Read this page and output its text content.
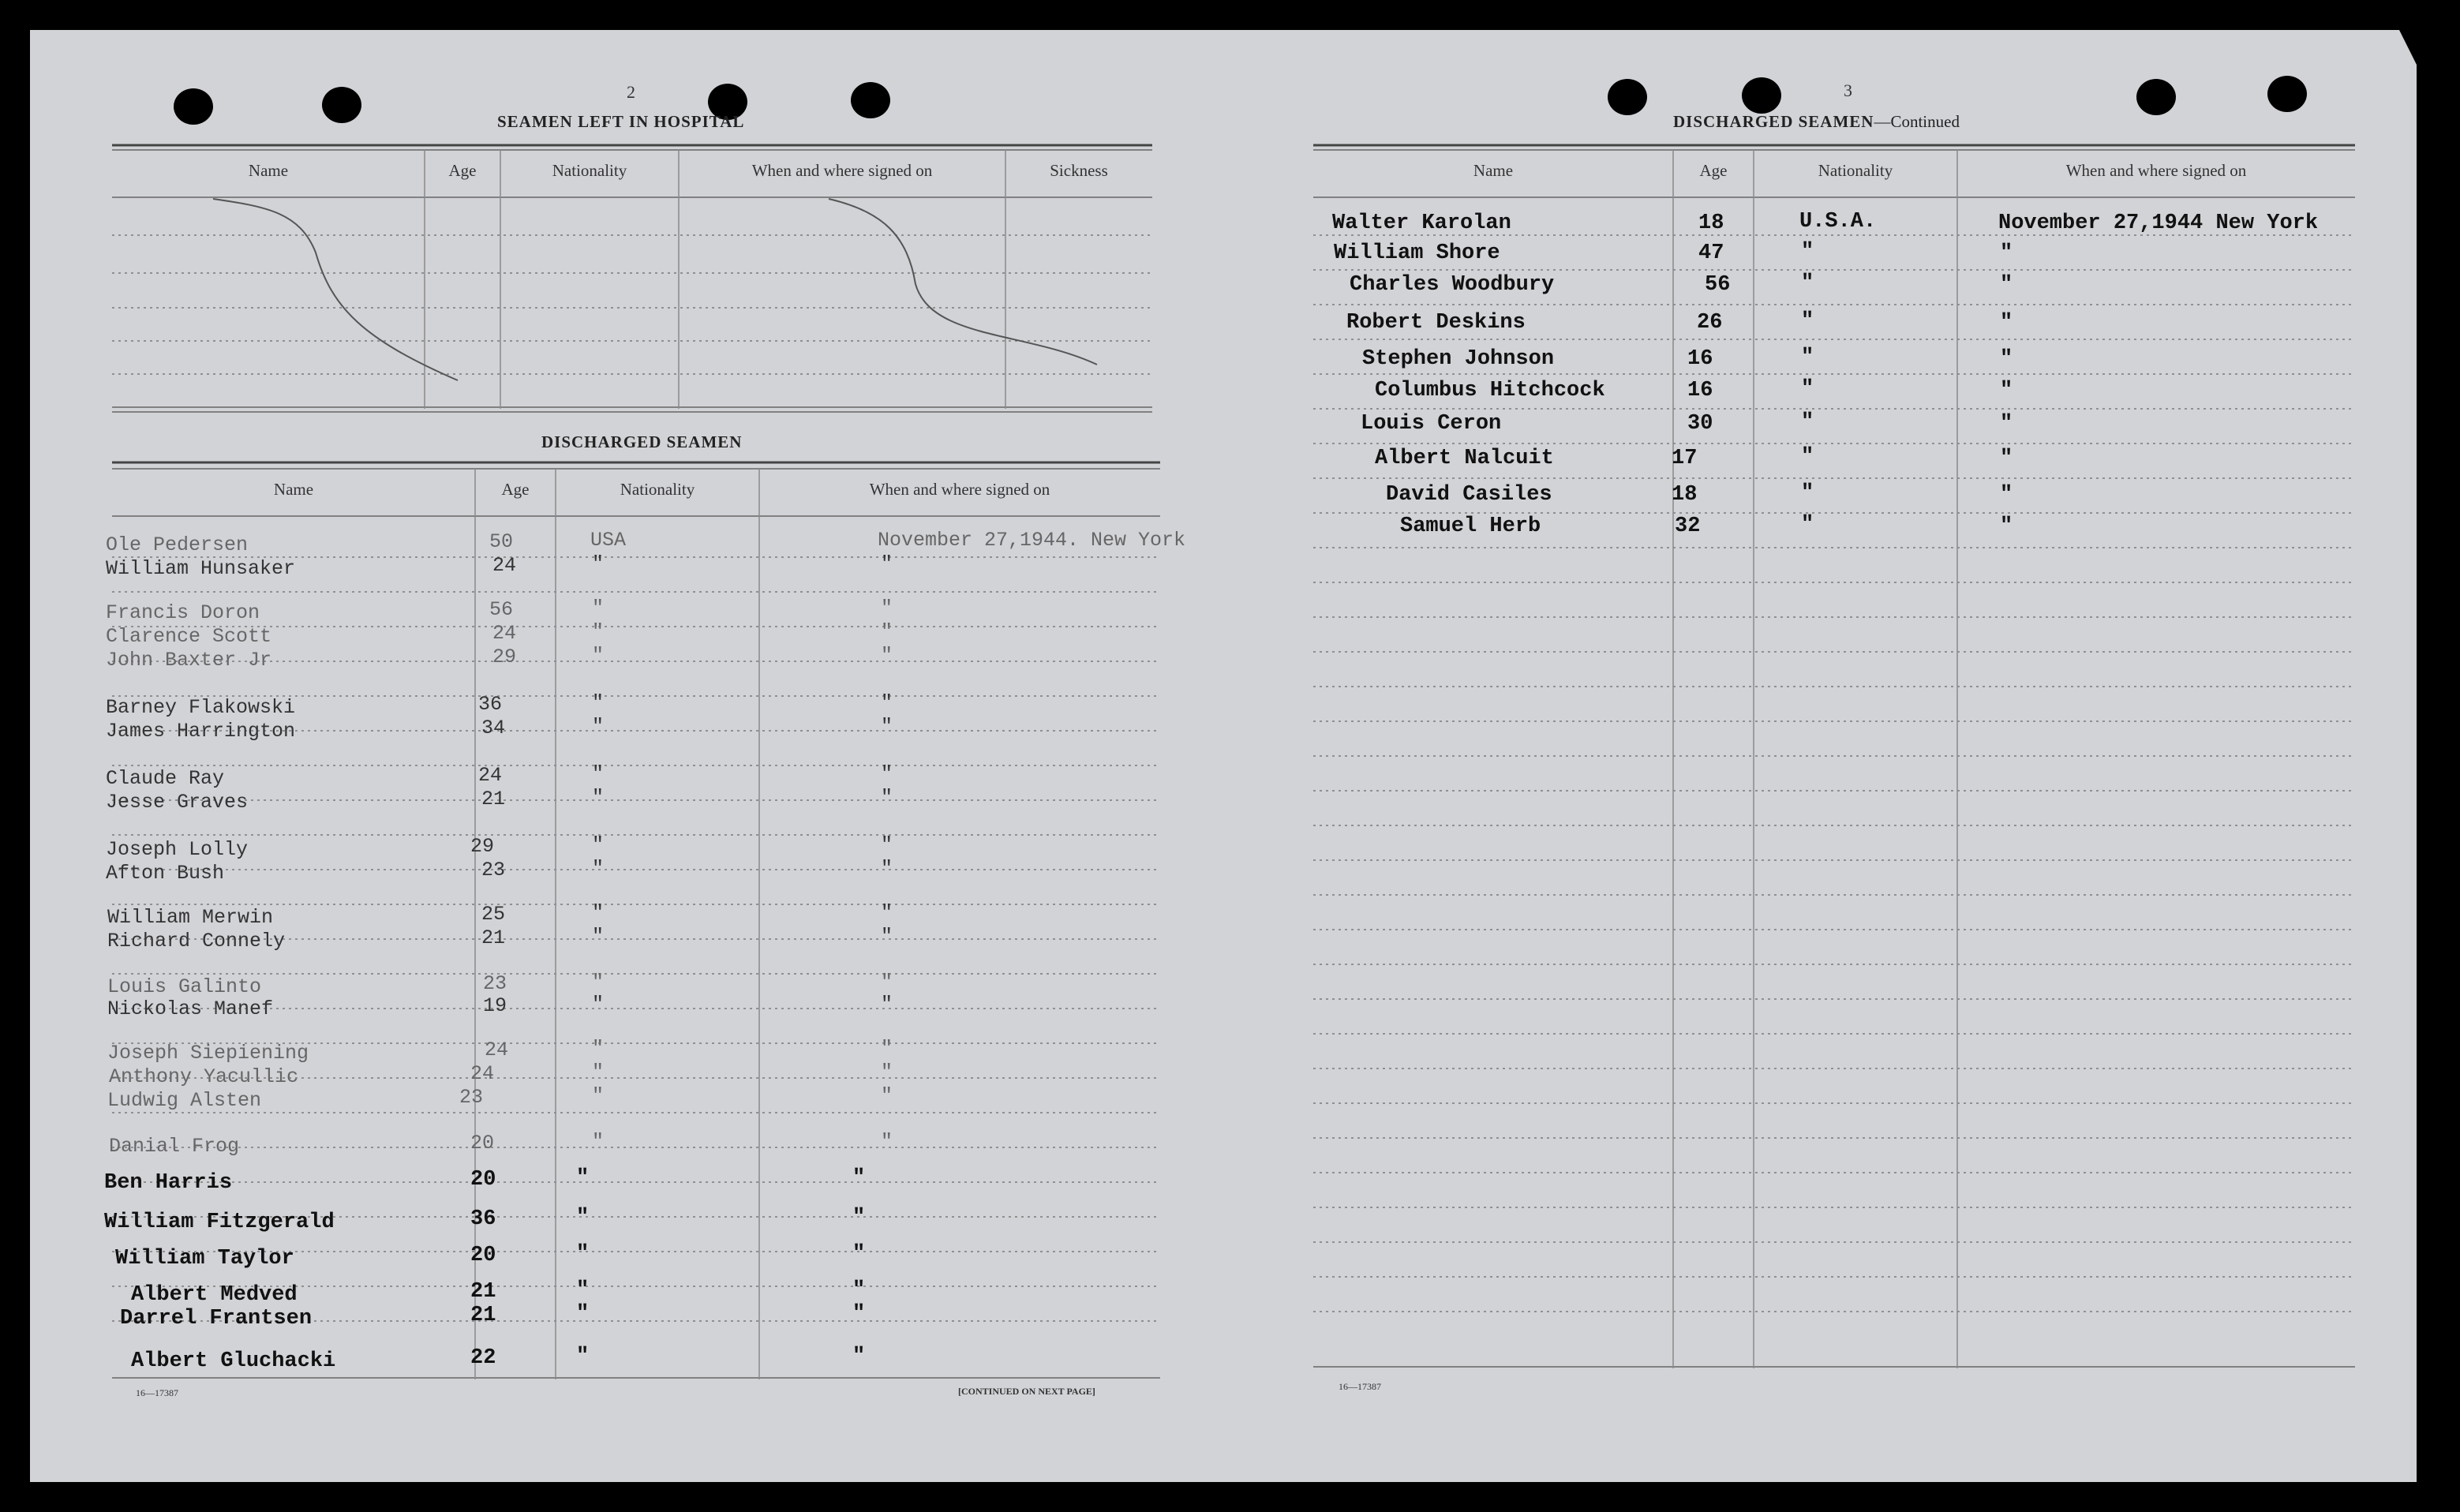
2
SEAMEN LEFT IN HOSPITAL
Name	Age	Nationality	When and where signed on	Sickness
DISCHARGED SEAMEN
Name	Age	Nationality	When and where signed on
Ole Pedersen	50	USA	November 27,1944. New York
William Hunsaker	24	"	"
Francis Doron	56	"	"
Clarence Scott	24	"	"
John Baxter Jr	29	"	"
Barney Flakowski	36	"	"
James Harrington	34	"	"
Claude Ray	24	"	"
Jesse Graves	21	"	"
Joseph Lolly	29	"	"
Afton Bush	23	"	"
William Merwin	25	"	"
Richard Connely	21	"	"
Louis Galinto	23	"	"
Nickolas Manef	19	"	"
Joseph Siepiening	24	"	"
Anthony Yacullic	24	"	"
Ludwig Alsten	23	"	"
Danial Frog	20	"	"
Ben Harris	20	"	"
William Fitzgerald	36	"	"
William Taylor	20	"	"
Albert Medved	21	"	"
Darrel Frantsen	21	"	"
Albert Gluchacki	22	"	"
16—17387	[CONTINUED ON NEXT PAGE]
3
DISCHARGED SEAMEN—Continued
Name	Age	Nationality	When and where signed on
Walter Karolan	18	U.S.A.	November 27,1944 New York
William Shore	47	"	"
Charles Woodbury	56	"	"
Robert Deskins	26	"	"
Stephen Johnson	16	"	"
Columbus Hitchcock	16	"	"
Louis Ceron	30	"	"
Albert Nalcuit	17	"	"
David Casiles	18	"	"
Samuel Herb	32	"	"
16—17387
